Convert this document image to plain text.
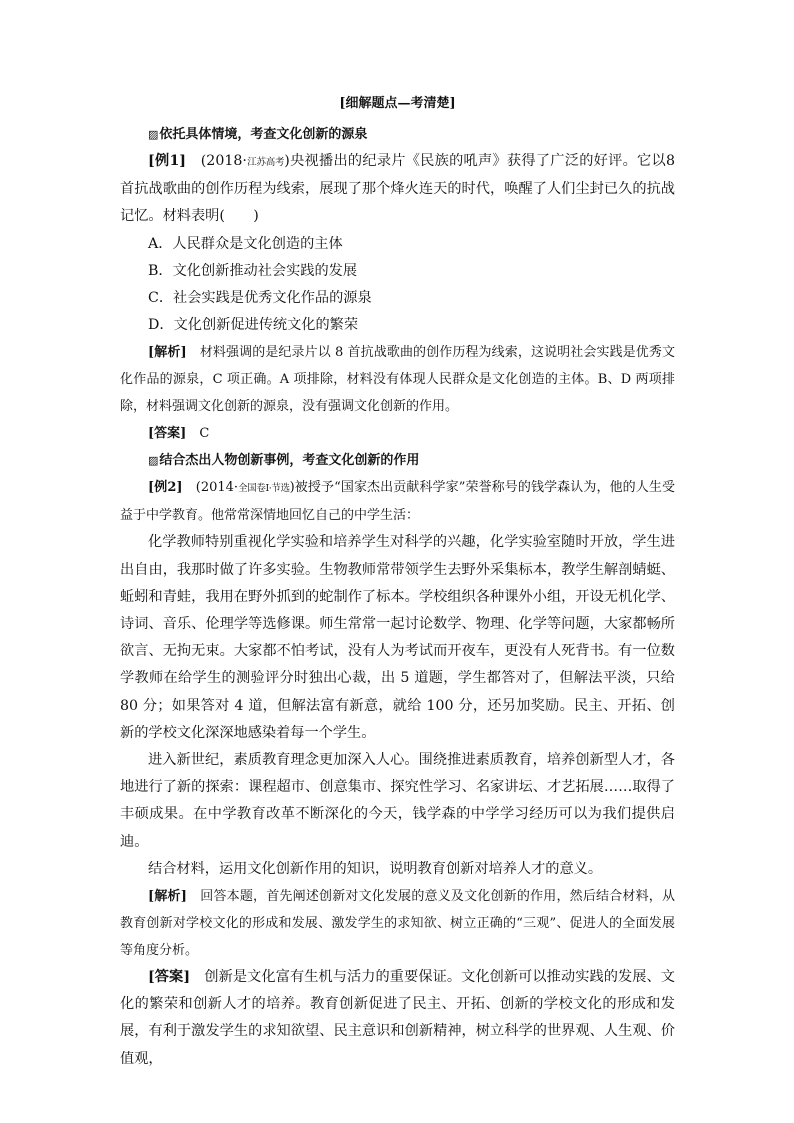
[细解题点—考清楚]

▨依托具体情境，考查文化创新的源泉

[例1]　 (2018·江苏高考)央视播出的纪录片《民族的吼声》获得了广泛的好评。它以8首抗战歌曲的创作历程为线索，展现了那个烽火连天的时代，唤醒了人们尘封已久的抗战记忆。材料表明(　　)

A．人民群众是文化创造的主体

B．文化创新推动社会实践的发展

C．社会实践是优秀文化作品的源泉

D．文化创新促进传统文化的繁荣

[解析]　 材料强调的是纪录片以 8 首抗战歌曲的创作历程为线索，这说明社会实践是优秀文化作品的源泉，C 项正确。A 项排除，材料没有体现人民群众是文化创造的主体。B、D 两项排除，材料强调文化创新的源泉，没有强调文化创新的作用。

[答案]　 C

▨结合杰出人物创新事例，考查文化创新的作用

[例2]　 (2014·全国卷Ⅰ·节选)被授予“国家杰出贡献科学家”荣誉称号的钱学森认为，他的人生受益于中学教育。他常常深情地回忆自己的中学生活：

化学教师特别重视化学实验和培养学生对科学的兴趣，化学实验室随时开放，学生进出自由，我那时做了许多实验。生物教师常带领学生去野外采集标本，教学生解剖蜻蜓、蚯蚓和青蛙，我用在野外抓到的蛇制作了标本。学校组织各种课外小组，开设无机化学、诗词、音乐、伦理学等选修课。师生常常一起讨论数学、物理、化学等问题，大家都畅所欲言、无拘无束。大家都不怕考试，没有人为考试而开夜车，更没有人死背书。有一位数学教师在给学生的测验评分时独出心裁，出 5 道题，学生都答对了，但解法平淡，只给 80 分；如果答对 4 道，但解法富有新意，就给 100 分，还另加奖励。民主、开拓、创新的学校文化深深地感染着每一个学生。

进入新世纪，素质教育理念更加深入人心。围绕推进素质教育，培养创新型人才，各地进行了新的探索：课程超市、创意集市、探究性学习、名家讲坛、才艺拓展……取得了丰硕成果。在中学教育改革不断深化的今天，钱学森的中学学习经历可以为我们提供启迪。

结合材料，运用文化创新作用的知识，说明教育创新对培养人才的意义。

[解析]　 回答本题，首先阐述创新对文化发展的意义及文化创新的作用，然后结合材料，从教育创新对学校文化的形成和发展、激发学生的求知欲、树立正确的“三观”、促进人的全面发展等角度分析。

[答案]　 创新是文化富有生机与活力的重要保证。文化创新可以推动实践的发展、文化的繁荣和创新人才的培养。教育创新促进了民主、开拓、创新的学校文化的形成和发展，有利于激发学生的求知欲望、民主意识和创新精神，树立科学的世界观、人生观、价值观，
